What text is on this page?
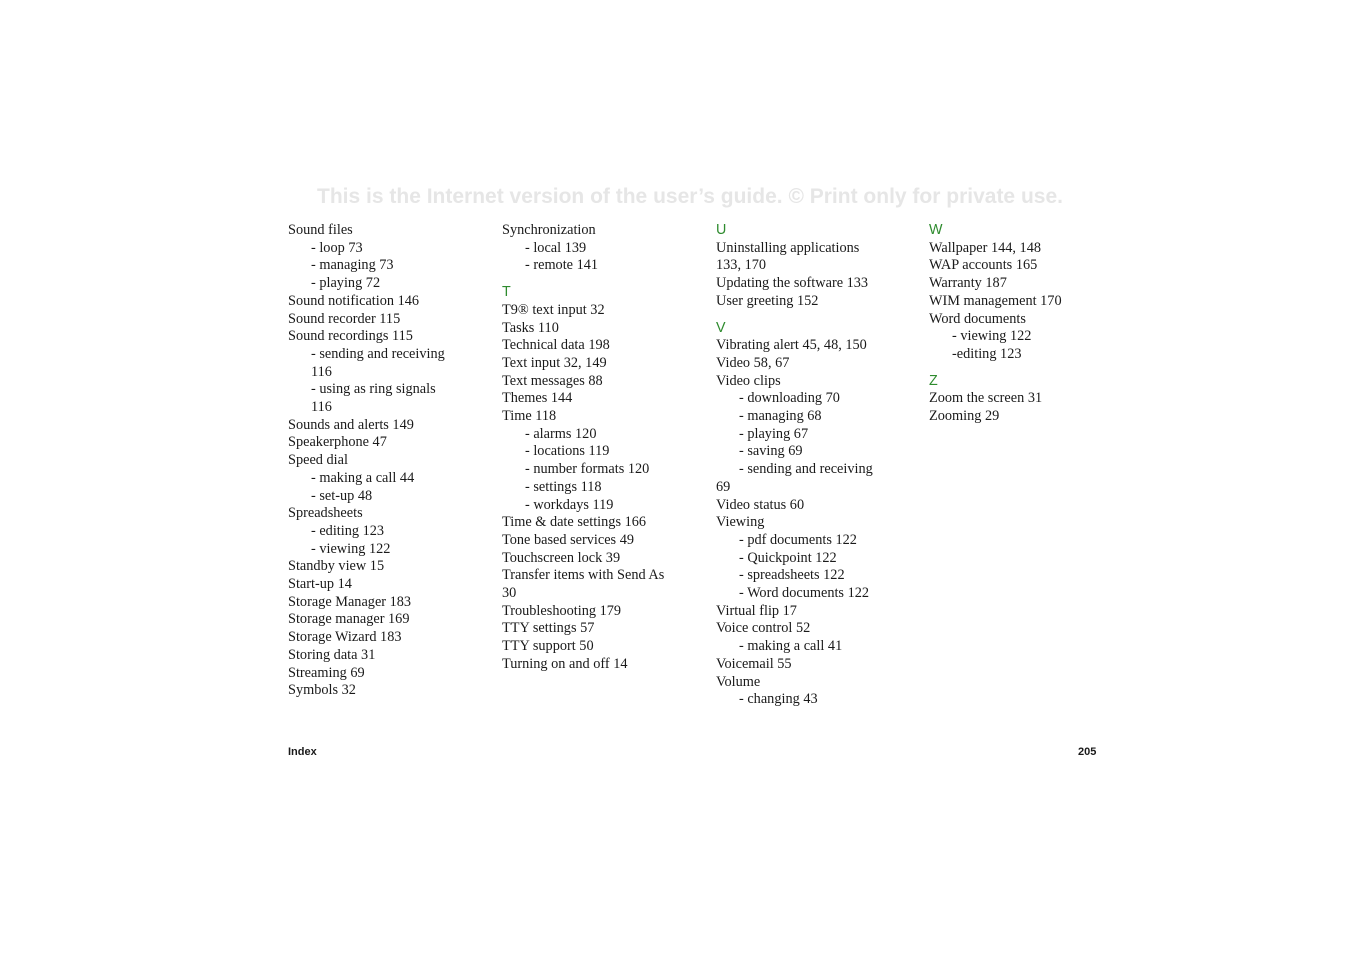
This is the Internet version of the user’s guide. © Print only for private use.
Sound files
- loop 73
- managing 73
- playing 72
Sound notification 146
Sound recorder 115
Sound recordings 115
- sending and receiving
116
- using as ring signals
116
Sounds and alerts 149
Speakerphone 47
Speed dial
- making a call 44
- set-up 48
Spreadsheets
- editing 123
- viewing 122
Standby view 15
Start-up 14
Storage Manager 183
Storage manager 169
Storage Wizard 183
Storing data 31
Streaming 69
Symbols 32
Synchronization
- local 139
- remote 141
T
T9® text input 32
Tasks 110
Technical data 198
Text input 32, 149
Text messages 88
Themes 144
Time 118
- alarms 120
- locations 119
- number formats 120
- settings 118
- workdays 119
Time & date settings 166
Tone based services 49
Touchscreen lock 39
Transfer items with Send As
30
Troubleshooting 179
TTY settings 57
TTY support 50
Turning on and off 14
U
Uninstalling applications
133, 170
Updating the software 133
User greeting 152
V
Vibrating alert 45, 48, 150
Video 58, 67
Video clips
- downloading 70
- managing 68
- playing 67
- saving 69
- sending and receiving
69
Video status 60
Viewing
- pdf documents 122
- Quickpoint 122
- spreadsheets 122
- Word documents 122
Virtual flip 17
Voice control 52
- making a call 41
Voicemail 55
Volume
- changing 43
W
Wallpaper 144, 148
WAP accounts 165
Warranty 187
WIM management 170
Word documents
- viewing 122
-editing 123
Z
Zoom the screen 31
Zooming 29
Index	205
